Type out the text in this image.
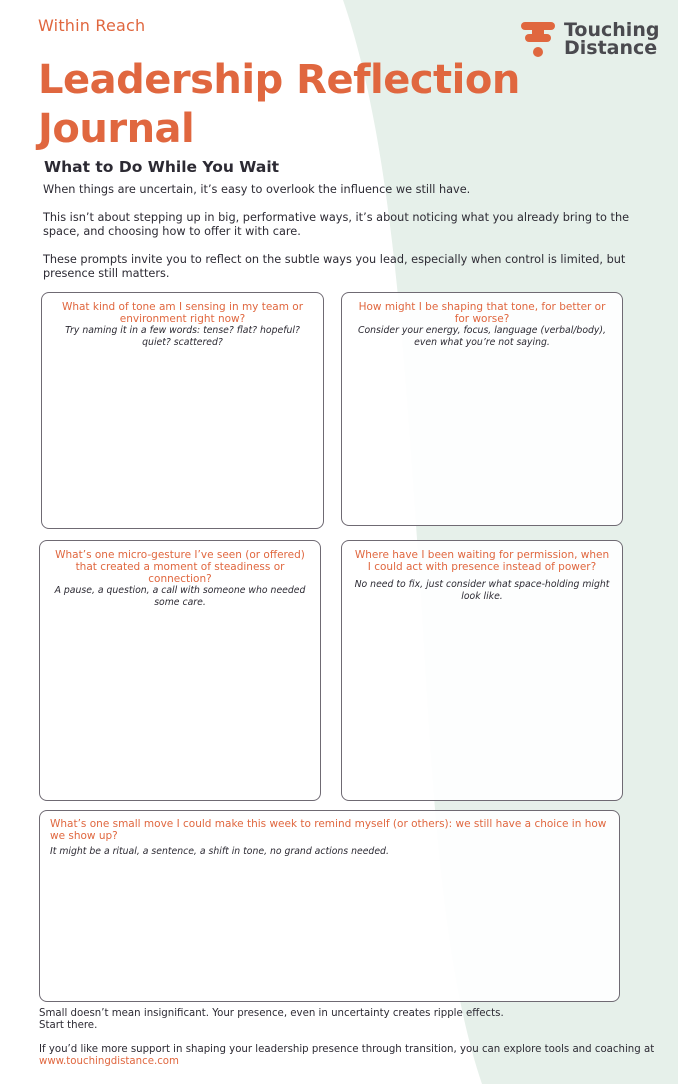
Within Reach	Touching
Distance
Leadership Reflection
Journal
What to Do While You Wait
When things are uncertain, it’s easy to overlook the influence we still have.
This isn’t about stepping up in big, performative ways, it’s about noticing what you already bring to the space, and choosing how to offer it with care.
These prompts invite you to reflect on the subtle ways you lead, especially when control is limited, but presence still matters.

What kind of tone am I sensing in my team or environment right now?

Try naming it in a few words: tense? flat? hopeful? quiet? scattered?

How might I be shaping that tone, for better or for worse?

Consider your energy, focus, language (verbal/body), even what you’re not saying.

What’s one micro-gesture I’ve seen (or offered) that created a moment of steadiness or connection?

A pause, a question, a call with someone who needed some care.

Where have I been waiting for permission, when I could act with presence instead of power?

No need to fix, just consider what space-holding might look like.

What’s one small move I could make this week to remind myself (or others): we still have a choice in how we show up?

It might be a ritual, a sentence, a shift in tone, no grand actions needed.

Small doesn’t mean insignificant. Your presence, even in uncertainty creates ripple effects.
Start there.
If you’d like more support in shaping your leadership presence through transition, you can explore tools and coaching at
www.touchingdistance.com
